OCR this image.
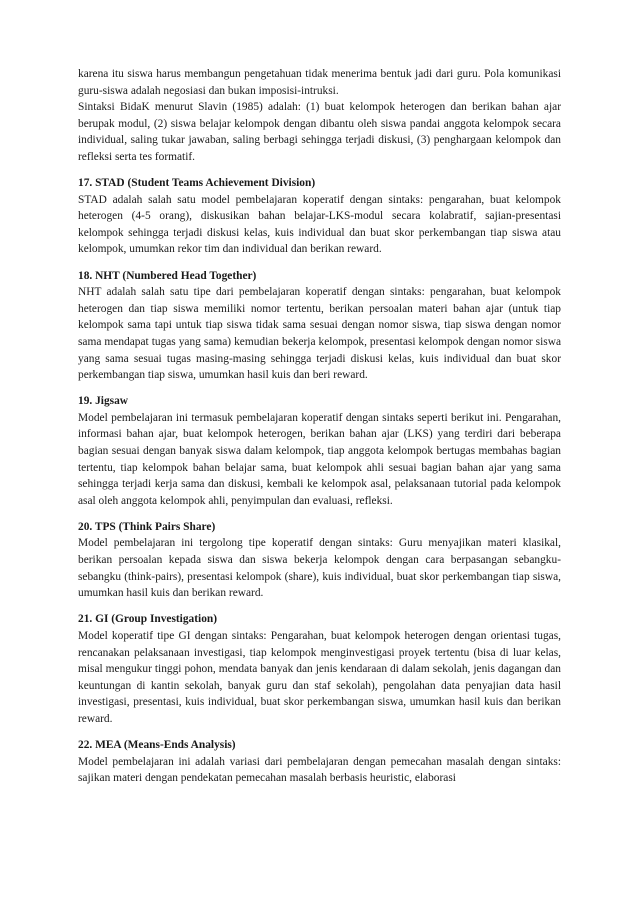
karena itu siswa harus membangun pengetahuan tidak menerima bentuk jadi dari guru. Pola komunikasi guru-siswa adalah negosiasi dan bukan imposisi-intruksi.

Sintaksi BidaK menurut Slavin (1985) adalah: (1) buat kelompok heterogen dan berikan bahan ajar berupak modul, (2) siswa belajar kelompok dengan dibantu oleh siswa pandai anggota kelompok secara individual, saling tukar jawaban, saling berbagi sehingga terjadi diskusi, (3) penghargaan kelompok dan refleksi serta tes formatif.

17. STAD (Student Teams Achievement Division)

STAD adalah salah satu model pembelajaran koperatif dengan sintaks: pengarahan, buat kelompok heterogen (4-5 orang), diskusikan bahan belajar-LKS-modul secara kolabratif, sajian-presentasi kelompok sehingga terjadi diskusi kelas, kuis individual dan buat skor perkembangan tiap siswa atau kelompok, umumkan rekor tim dan individual dan berikan reward.

18. NHT (Numbered Head Together)

NHT adalah salah satu tipe dari pembelajaran koperatif dengan sintaks: pengarahan, buat kelompok heterogen dan tiap siswa memiliki nomor tertentu, berikan persoalan materi bahan ajar (untuk tiap kelompok sama tapi untuk tiap siswa tidak sama sesuai dengan nomor siswa, tiap siswa dengan nomor sama mendapat tugas yang sama) kemudian bekerja kelompok, presentasi kelompok dengan nomor siswa yang sama sesuai tugas masing-masing sehingga terjadi diskusi kelas, kuis individual dan buat skor perkembangan tiap siswa, umumkan hasil kuis dan beri reward.

19. Jigsaw

Model pembelajaran ini termasuk pembelajaran koperatif dengan sintaks seperti berikut ini. Pengarahan, informasi bahan ajar, buat kelompok heterogen, berikan bahan ajar (LKS) yang terdiri dari beberapa bagian sesuai dengan banyak siswa dalam kelompok, tiap anggota kelompok bertugas membahas bagian tertentu, tiap kelompok bahan belajar sama, buat kelompok ahli sesuai bagian bahan ajar yang sama sehingga terjadi kerja sama dan diskusi, kembali ke kelompok asal, pelaksanaan tutorial pada kelompok asal oleh anggota kelompok ahli, penyimpulan dan evaluasi, refleksi.

20. TPS (Think Pairs Share)

Model pembelajaran ini tergolong tipe koperatif dengan sintaks: Guru menyajikan materi klasikal, berikan persoalan kepada siswa dan siswa bekerja kelompok dengan cara berpasangan sebangku-sebangku (think-pairs), presentasi kelompok (share), kuis individual, buat skor perkembangan tiap siswa, umumkan hasil kuis dan berikan reward.

21. GI (Group Investigation)

Model koperatif tipe GI dengan sintaks: Pengarahan, buat kelompok heterogen dengan orientasi tugas, rencanakan pelaksanaan investigasi, tiap kelompok menginvestigasi proyek tertentu (bisa di luar kelas, misal mengukur tinggi pohon, mendata banyak dan jenis kendaraan di dalam sekolah, jenis dagangan dan keuntungan di kantin sekolah, banyak guru dan staf sekolah), pengolahan data penyajian data hasil investigasi, presentasi, kuis individual, buat skor perkembangan siswa, umumkan hasil kuis dan berikan reward.

22. MEA (Means-Ends Analysis)

Model pembelajaran ini adalah variasi dari pembelajaran dengan pemecahan masalah dengan sintaks: sajikan materi dengan pendekatan pemecahan masalah berbasis heuristic, elaborasi
